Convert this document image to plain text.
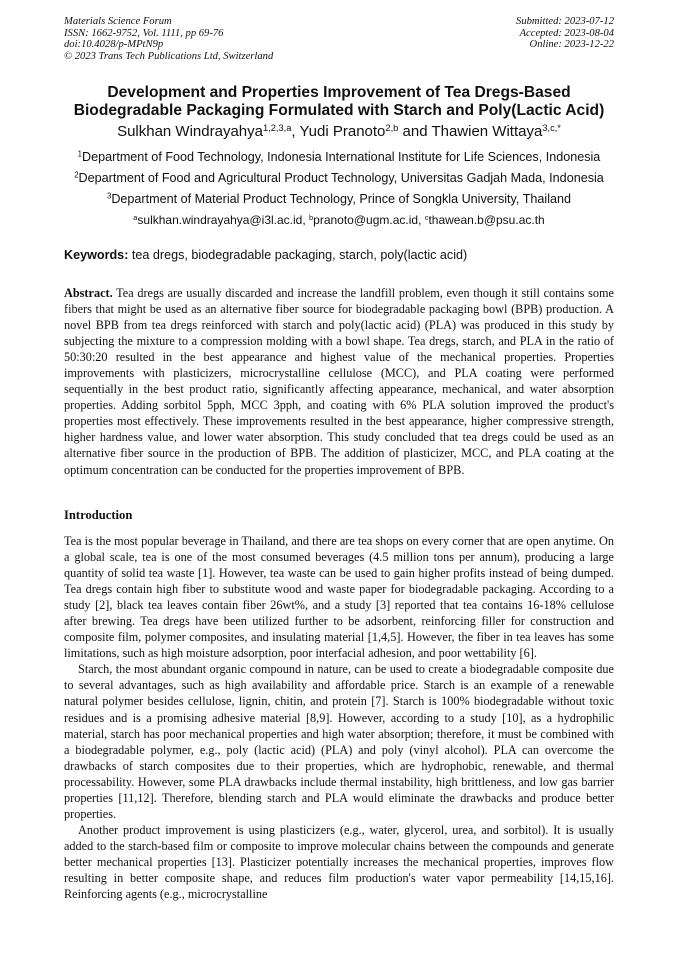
Materials Science Forum
ISSN: 1662-9752, Vol. 1111, pp 69-76
doi:10.4028/p-MPtN9p
© 2023 Trans Tech Publications Ltd, Switzerland
Submitted: 2023-07-12
Accepted: 2023-08-04
Online: 2023-12-22
Development and Properties Improvement of Tea Dregs-Based
Biodegradable Packaging Formulated with Starch and Poly(Lactic Acid)
Sulkhan Windrayahya$^{1,2,3,a}$, Yudi Pranoto$^{2,b}$ and Thawien Wittaya$^{3,c,*}$
$^1$Department of Food Technology, Indonesia International Institute for Life Sciences, Indonesia
$^2$Department of Food and Agricultural Product Technology, Universitas Gadjah Mada, Indonesia
$^3$Department of Material Product Technology, Prince of Songkla University, Thailand
$^a$sulkhan.windrayahya@i3l.ac.id, $^b$pranoto@ugm.ac.id, $^c$thawean.b@psu.ac.th
Keywords: tea dregs, biodegradable packaging, starch, poly(lactic acid)
Abstract. Tea dregs are usually discarded and increase the landfill problem, even though it still contains some fibers that might be used as an alternative fiber source for biodegradable packaging bowl (BPB) production. A novel BPB from tea dregs reinforced with starch and poly(lactic acid) (PLA) was produced in this study by subjecting the mixture to a compression molding with a bowl shape. Tea dregs, starch, and PLA in the ratio of 50:30:20 resulted in the best appearance and highest value of the mechanical properties. Properties improvements with plasticizers, microcrystalline cellulose (MCC), and PLA coating were performed sequentially in the best product ratio, significantly affecting appearance, mechanical, and water absorption properties. Adding sorbitol 5pph, MCC 3pph, and coating with 6% PLA solution improved the product's properties most effectively. These improvements resulted in the best appearance, higher compressive strength, higher hardness value, and lower water absorption. This study concluded that tea dregs could be used as an alternative fiber source in the production of BPB. The addition of plasticizer, MCC, and PLA coating at the optimum concentration can be conducted for the properties improvement of BPB.
Introduction

Tea is the most popular beverage in Thailand, and there are tea shops on every corner that are open anytime. On a global scale, tea is one of the most consumed beverages (4.5 million tons per annum), producing a large quantity of solid tea waste [1]. However, tea waste can be used to gain higher profits instead of being dumped. Tea dregs contain high fiber to substitute wood and waste paper for biodegradable packaging. According to a study [2], black tea leaves contain fiber 26wt%, and a study [3] reported that tea contains 16-18% cellulose after brewing. Tea dregs have been utilized further to be adsorbent, reinforcing filler for construction and composite film, polymer composites, and insulating material [1,4,5]. However, the fiber in tea leaves has some limitations, such as high moisture adsorption, poor interfacial adhesion, and poor wettability [6].

Starch, the most abundant organic compound in nature, can be used to create a biodegradable composite due to several advantages, such as high availability and affordable price. Starch is an example of a renewable natural polymer besides cellulose, lignin, chitin, and protein [7]. Starch is 100% biodegradable without toxic residues and is a promising adhesive material [8,9]. However, according to a study [10], as a hydrophilic material, starch has poor mechanical properties and high water absorption; therefore, it must be combined with a biodegradable polymer, e.g., poly (lactic acid) (PLA) and poly (vinyl alcohol). PLA can overcome the drawbacks of starch composites due to their properties, which are hydrophobic, renewable, and thermal processability. However, some PLA drawbacks include thermal instability, high brittleness, and low gas barrier properties [11,12]. Therefore, blending starch and PLA would eliminate the drawbacks and produce better properties.

Another product improvement is using plasticizers (e.g., water, glycerol, urea, and sorbitol). It is usually added to the starch-based film or composite to improve molecular chains between the compounds and generate better mechanical properties [13]. Plasticizer potentially increases the mechanical properties, improves flow resulting in better composite shape, and reduces film production's water vapor permeability [14,15,16]. Reinforcing agents (e.g., microcrystalline
